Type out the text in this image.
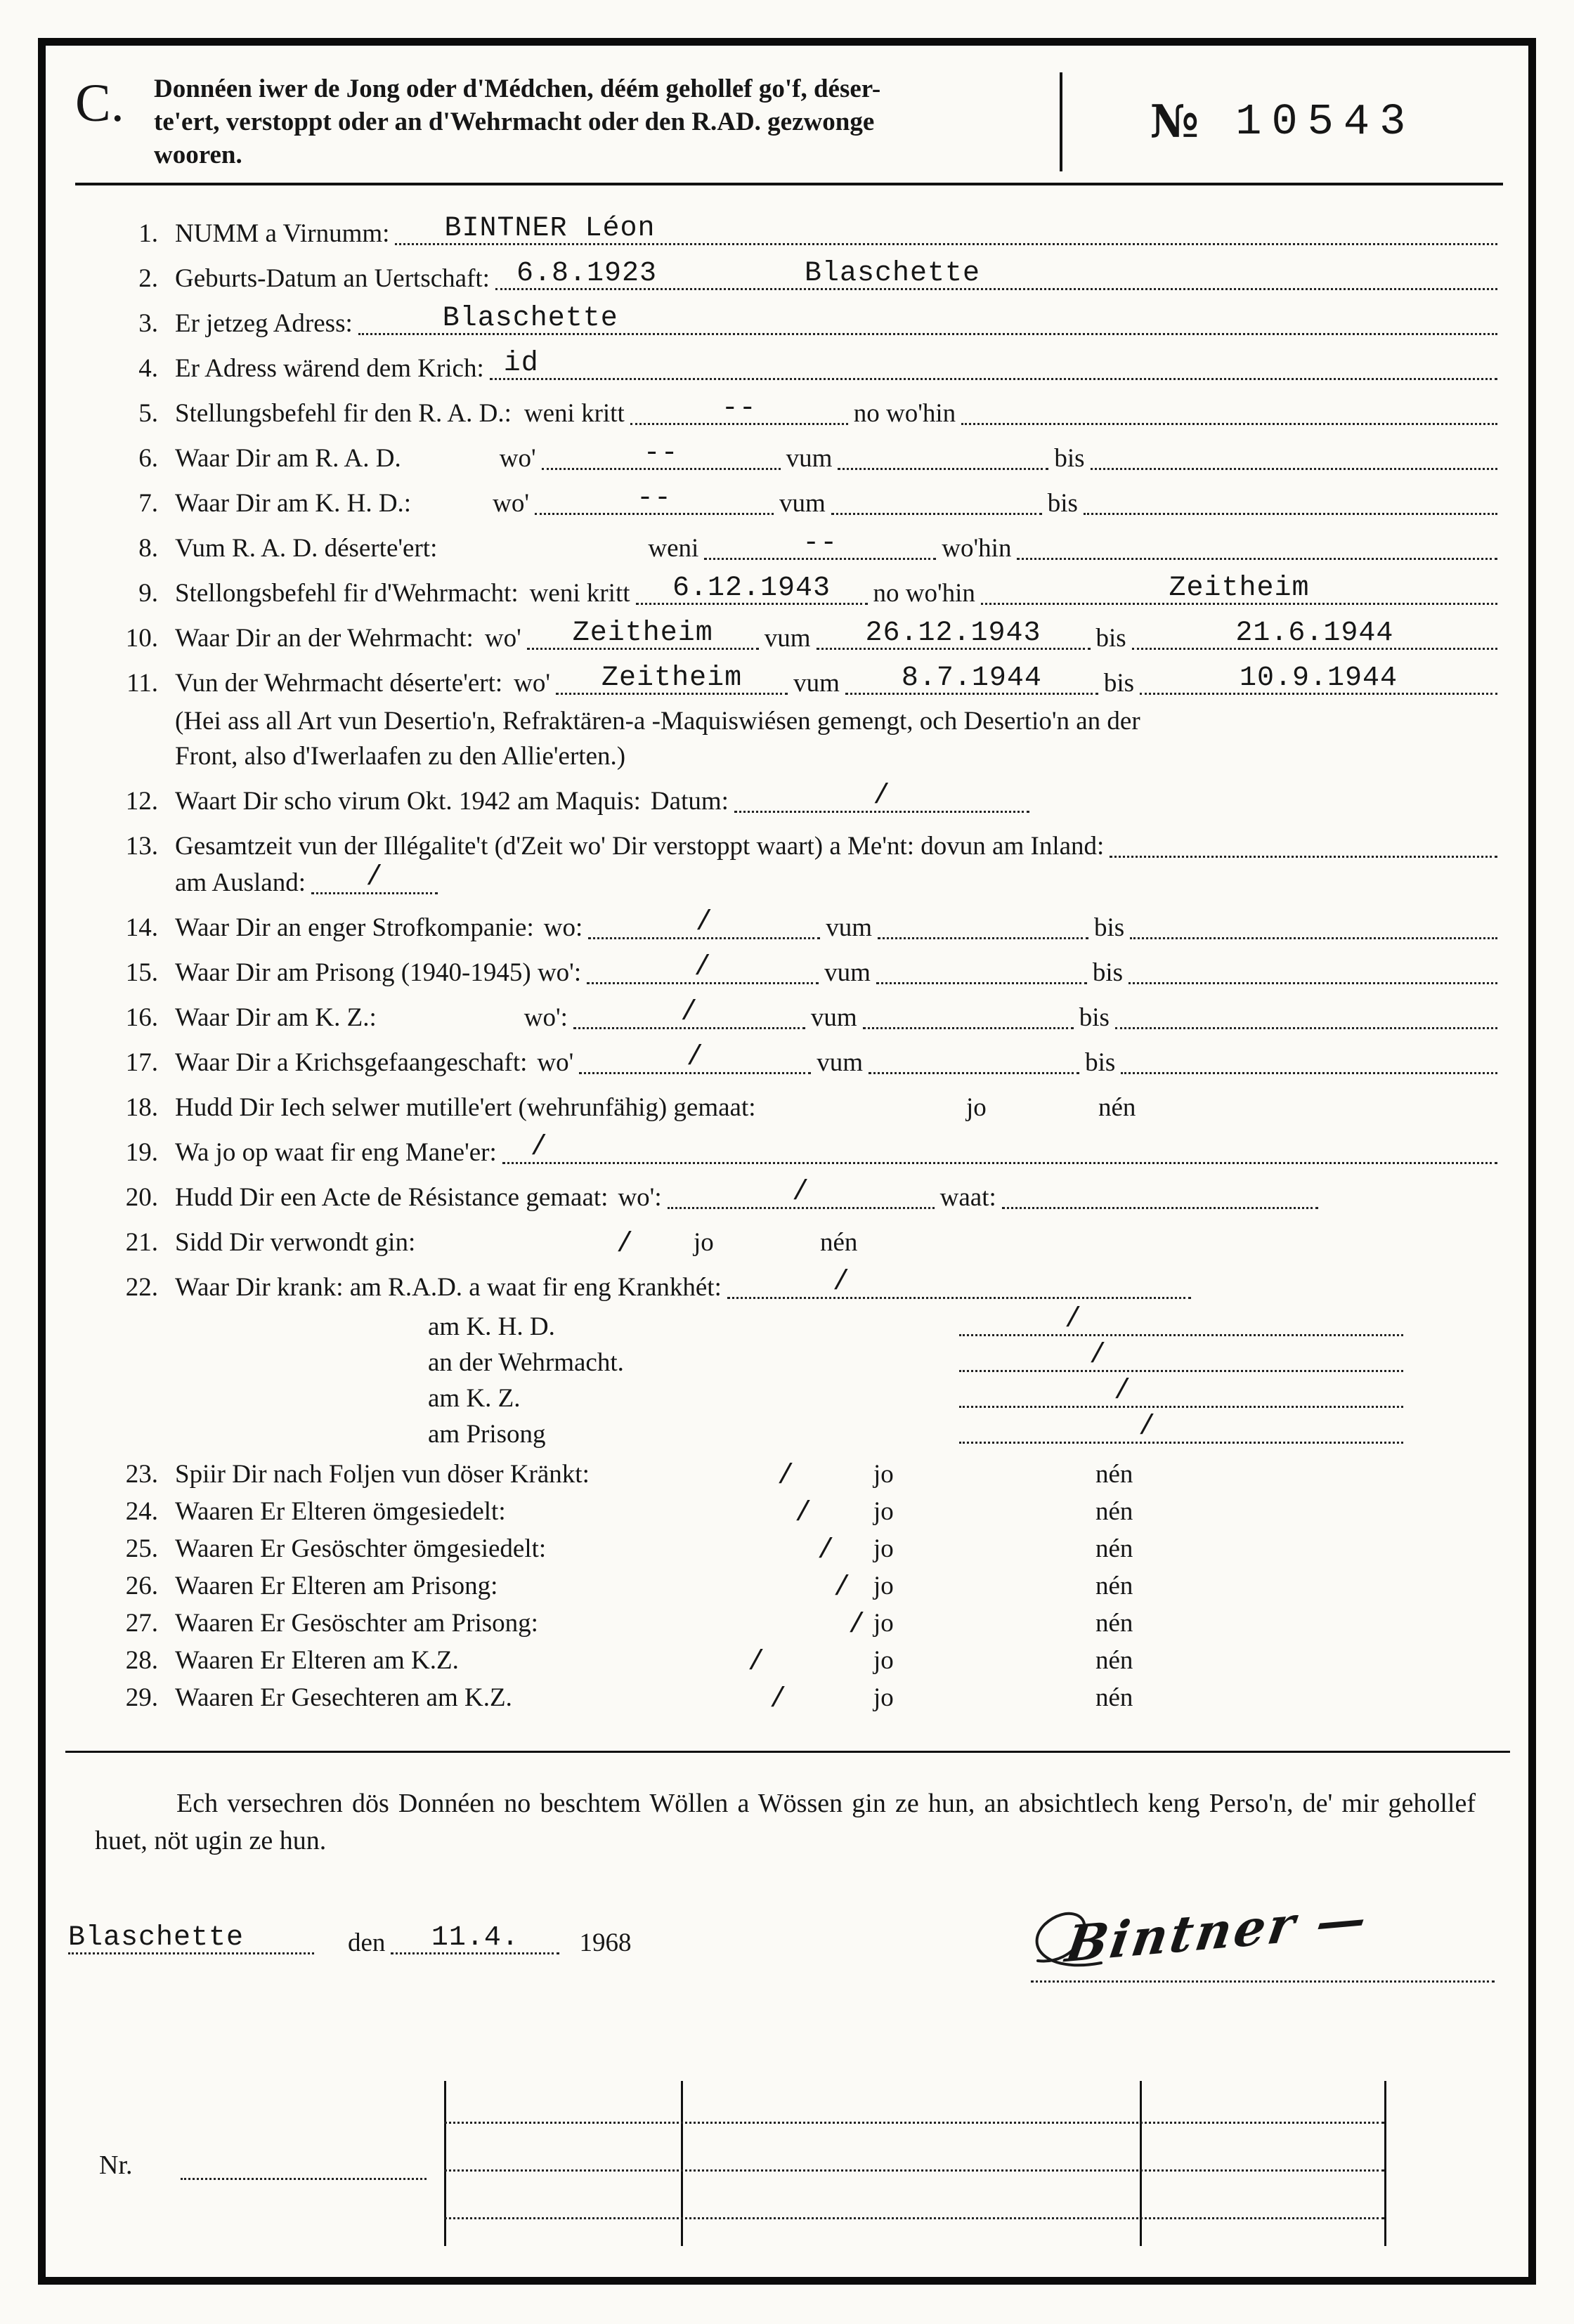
C.	Donnéen iwer de Jong oder d'Médchen, déém gehollef go'f, déser-
te'ert, verstoppt oder an d'Wehrmacht oder den R.AD. gezwonge
wooren.
№ 10543
1. NUMM a Virnumm: BINTNER Léon
2. Geburts-Datum an Uertschaft: 6.8.1923	Blaschette
3. Er jetzeg Adress:	Blaschette
4. Er Adress wärend dem Krich: id
5. Stellungsbefehl fir den R. A. D.: weni kritt	--	no wo'hin
6. Waar Dir am R. A. D.	wo'	--	vum	bis
7. Waar Dir am K. H. D.:	wo'	--	vum	bis
8. Vum R. A. D. déserte'ert:	weni	--	wo'hin
9. Stellongsbefehl fir d'Wehrmacht: weni kritt 6.12.1943 no wo'hin	Zeitheim
10. Waar Dir an der Wehrmacht: wo' Zeitheim vum 26.12.1943 bis	21.6.1944
11. Vun der Wehrmacht déserte'ert: wo' Zeitheim vum 8.7.1944 bis	10.9.1944
(Hei ass all Art vun Desertio'n, Refraktären-a -Maquiswiésen gemengt, och Desertio'n an der
Front, also d'Iwerlaafen zu den Allie'erten.)
12. Waart Dir scho virum Okt. 1942 am Maquis: Datum:	/
13. Gesamtzeit vun der Illégalite't (d'Zeit wo' Dir verstoppt waart) a Me'nt: dovun am Inland:
am Ausland: /
14. Waar Dir an enger Strofkompanie: wo:	/	vum	bis
15. Waar Dir am Prisong (1940-1945) wo':	/	vum	bis
16. Waar Dir am K. Z.:	wo':	/	vum	bis
17. Waar Dir a Krichsgefaangeschaft: wo'	/	vum	bis
18. Hudd Dir Iech selwer mutille'ert (wehrunfähig) gemaat:	jo	nén
19. Wa jo op waat fir eng Mane'er: /
20. Hudd Dir een Acte de Résistance gemaat: wo':	/	waat:
21. Sidd Dir verwondt gin:	/ jo	nén
22. Waar Dir krank: am R.A.D. a waat fir eng Krankhét:	/
am K. H. D.	/
an der Wehrmacht.	/
am K. Z.	/
am Prisong	/
23. Spiir Dir nach Foljen vun döser Kränkt:	/	jo	nén
24. Waaren Er Elteren ömgesiedelt:	/ jo	nén
25. Waaren Er Gesöschter ömgesiedelt:	/ jo	nén
26. Waaren Er Elteren am Prisong:	/ jo	nén
27. Waaren Er Gesöschter am Prisong:	/ jo	nén
28. Waaren Er Elteren am K.Z.	/	jo	nén
29. Waaren Er Gesechteren am K.Z.	/	jo	nén

Ech versechren dös Donnéen no beschtem Wöllen a Wössen gin ze hun, an absichtlech keng Perso'n, de' mir gehollef huet, nöt ugin ze hun.

Blaschette	den 11.4. 1968	Bintner —
Nr.
